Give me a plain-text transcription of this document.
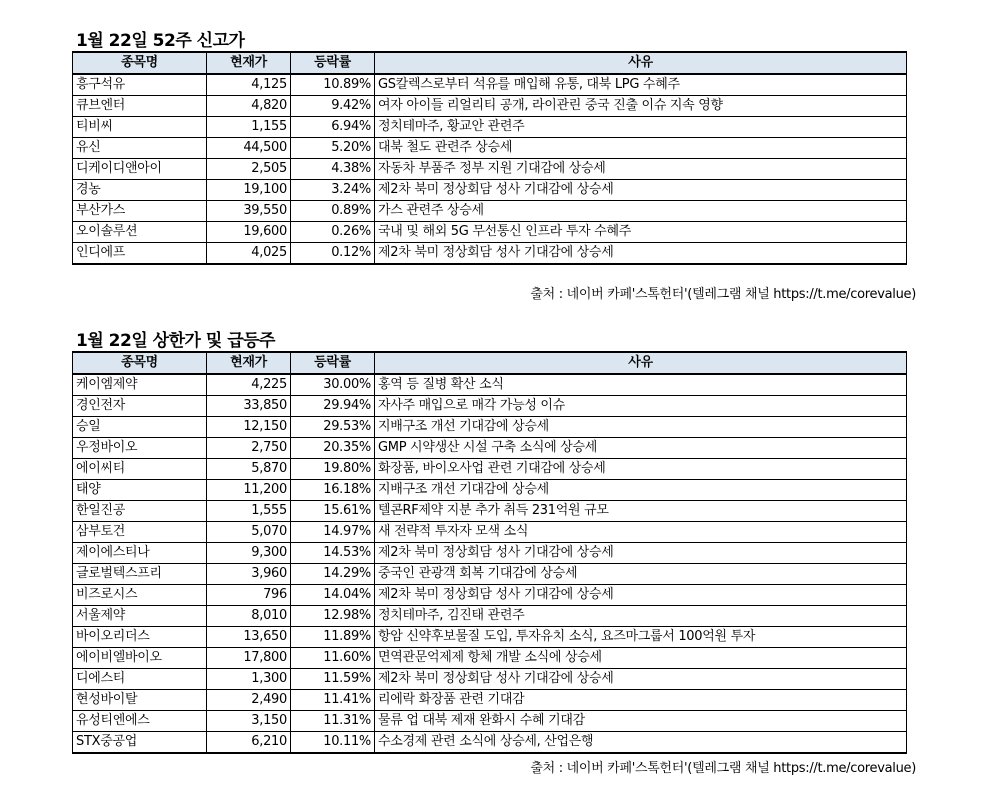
1월 22일 52주 신고가
종목명	현재가	등락률	사유
흥구석유	4,125	10.89%	GS칼렉스로부터 석유를 매입해 유통, 대북 LPG 수혜주
큐브엔터	4,820	9.42%	여자 아이들 리얼리티 공개, 라이관린 중국 진출 이슈 지속 영향
티비씨	1,155	6.94%	정치테마주, 황교안 관련주
유신	44,500	5.20%	대북 철도 관련주 상승세
디케이디앤아이	2,505	4.38%	자동차 부품주 정부 지원 기대감에 상승세
경농	19,100	3.24%	제2차 북미 정상회담 성사 기대감에 상승세
부산가스	39,550	0.89%	가스 관련주 상승세
오이솔루션	19,600	0.26%	국내 및 해외 5G 무선통신 인프라 투자 수혜주
인디에프	4,025	0.12%	제2차 북미 정상회담 성사 기대감에 상승세
출처 : 네이버 카페'스톡헌터'(텔레그램 채널 https://t.me/corevalue)
1월 22일 상한가 및 급등주
종목명	현재가	등락률	사유
케이엠제약	4,225	30.00%	홍역 등 질병 확산 소식
경인전자	33,850	29.94%	자사주 매입으로 매각 가능성 이슈
승일	12,150	29.53%	지배구조 개선 기대감에 상승세
우정바이오	2,750	20.35%	GMP 시약생산 시설 구축 소식에 상승세
에이씨티	5,870	19.80%	화장품, 바이오사업 관련 기대감에 상승세
태양	11,200	16.18%	지배구조 개선 기대감에 상승세
한일진공	1,555	15.61%	텔콘RF제약 지분 추가 취득 231억원 규모
삼부토건	5,070	14.97%	새 전략적 투자자 모색 소식
제이에스티나	9,300	14.53%	제2차 북미 정상회담 성사 기대감에 상승세
글로벌텍스프리	3,960	14.29%	중국인 관광객 회복 기대감에 상승세
비즈로시스	796	14.04%	제2차 북미 정상회담 성사 기대감에 상승세
서울제약	8,010	12.98%	정치테마주, 김진태 관련주
바이오리더스	13,650	11.89%	항암 신약후보물질 도입, 투자유치 소식, 요즈마그룹서 100억원 투자
에이비엘바이오	17,800	11.60%	면역관문억제제 항체 개발 소식에 상승세
디에스티	1,300	11.59%	제2차 북미 정상회담 성사 기대감에 상승세
현성바이탈	2,490	11.41%	리에락 화장품 관련 기대감
유성티엔에스	3,150	11.31%	물류 업 대북 제재 완화시 수혜 기대감
STX중공업	6,210	10.11%	수소경제 관련 소식에 상승세, 산업은행
출처 : 네이버 카페'스톡헌터'(텔레그램 채널 https://t.me/corevalue)
